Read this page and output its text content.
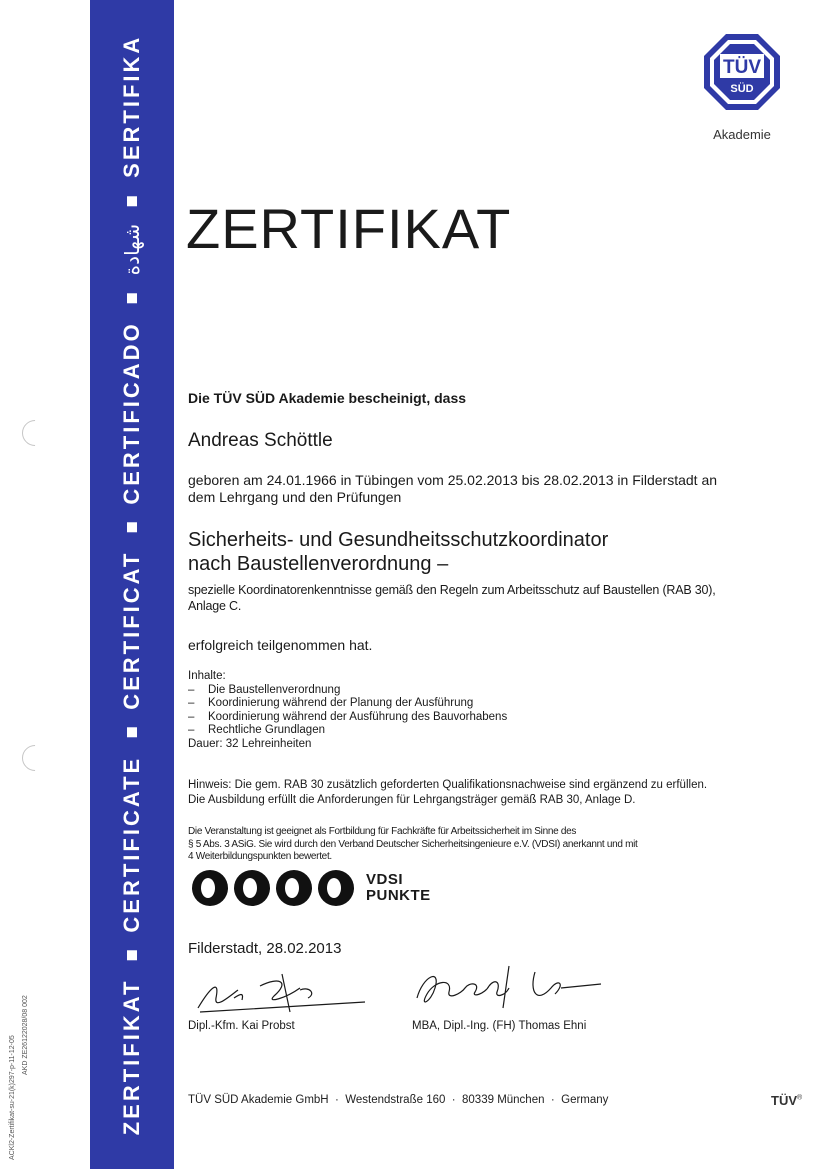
ACKl2-Zertifikat-su-21(k)297-p-11-12-05
AKD ZE26122028/08 002	ZERTIFIKAT
CERTIFICATE
CERTIFICAT
CERTIFICADO
شهادة
SERTIFIKA	TÜV
SÜD
Akademie
ZERTIFIKAT
Die TÜV SÜD Akademie bescheinigt, dass
Andreas Schöttle
geboren am 24.01.1966 in Tübingen vom 25.02.2013 bis 28.02.2013 in Filderstadt an dem Lehrgang und den Prüfungen
Sicherheits- und Gesundheitsschutzkoordinator
nach Baustellenverordnung –
spezielle Koordinatorenkenntnisse gemäß den Regeln zum Arbeitsschutz auf Baustellen (RAB 30), Anlage C.
erfolgreich teilgenommen hat.
Inhalte:
– Die Baustellenverordnung
– Koordinierung während der Planung der Ausführung
– Koordinierung während der Ausführung des Bauvorhabens
– Rechtliche Grundlagen
Dauer: 32 Lehreinheiten
Hinweis: Die gem. RAB 30 zusätzlich geforderten Qualifikationsnachweise sind ergänzend zu erfüllen.
Die Ausbildung erfüllt die Anforderungen für Lehrgangsträger gemäß RAB 30, Anlage D.
Die Veranstaltung ist geeignet als Fortbildung für Fachkräfte für Arbeitssicherheit im Sinne des
§ 5 Abs. 3 ASiG. Sie wird durch den Verband Deutscher Sicherheitsingenieure e.V. (VDSI) anerkannt und mit
4 Weiterbildungspunkten bewertet.
VDSI
PUNKTE
Filderstadt, 28.02.2013
Dipl.-Kfm. Kai Probst	MBA, Dipl.-Ing. (FH) Thomas Ehni
TÜV SÜD Akademie GmbH · Westendstraße 160 · 80339 München · Germany	TÜV®
